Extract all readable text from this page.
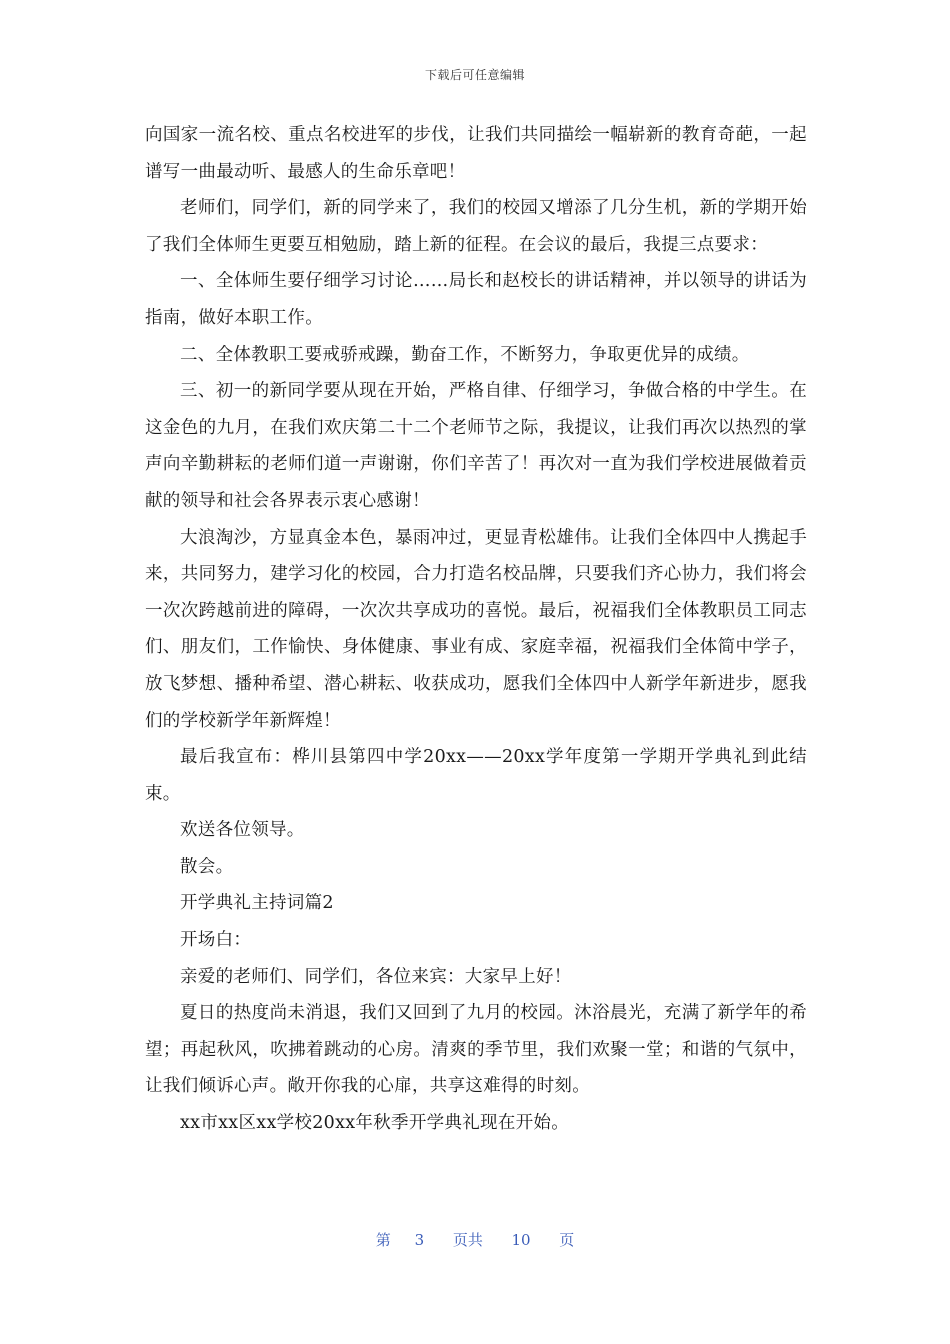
下载后可任意编辑

向国家一流名校、重点名校进军的步伐，让我们共同描绘一幅崭新的教育奇葩，一起谱写一曲最动听、最感人的生命乐章吧！

老师们，同学们，新的同学来了，我们的校园又增添了几分生机，新的学期开始了我们全体师生更要互相勉励，踏上新的征程。在会议的最后，我提三点要求：

一、全体师生要仔细学习讨论……局长和赵校长的讲话精神，并以领导的讲话为指南，做好本职工作。

二、全体教职工要戒骄戒躁，勤奋工作，不断努力，争取更优异的成绩。

三、初一的新同学要从现在开始，严格自律、仔细学习，争做合格的中学生。在这金色的九月，在我们欢庆第二十二个老师节之际，我提议，让我们再次以热烈的掌声向辛勤耕耘的老师们道一声谢谢，你们辛苦了！再次对一直为我们学校进展做着贡献的领导和社会各界表示衷心感谢！

大浪淘沙，方显真金本色，暴雨冲过，更显青松雄伟。让我们全体四中人携起手来，共同努力，建学习化的校园，合力打造名校品牌，只要我们齐心协力，我们将会一次次跨越前进的障碍，一次次共享成功的喜悦。最后，祝福我们全体教职员工同志们、朋友们，工作愉快、身体健康、事业有成、家庭幸福，祝福我们全体简中学子，放飞梦想、播种希望、潜心耕耘、收获成功，愿我们全体四中人新学年新进步，愿我们的学校新学年新辉煌！

最后我宣布：桦川县第四中学20xx——20xx学年度第一学期开学典礼到此结束。

欢送各位领导。

散会。

开学典礼主持词篇2

开场白：

亲爱的老师们、同学们，各位来宾：大家早上好！

夏日的热度尚未消退，我们又回到了九月的校园。沐浴晨光，充满了新学年的希望；再起秋风，吹拂着跳动的心房。清爽的季节里，我们欢聚一堂；和谐的气氛中，让我们倾诉心声。敞开你我的心扉，共享这难得的时刻。

xx市xx区xx学校20xx年秋季开学典礼现在开始。

第 3 页共 10 页
